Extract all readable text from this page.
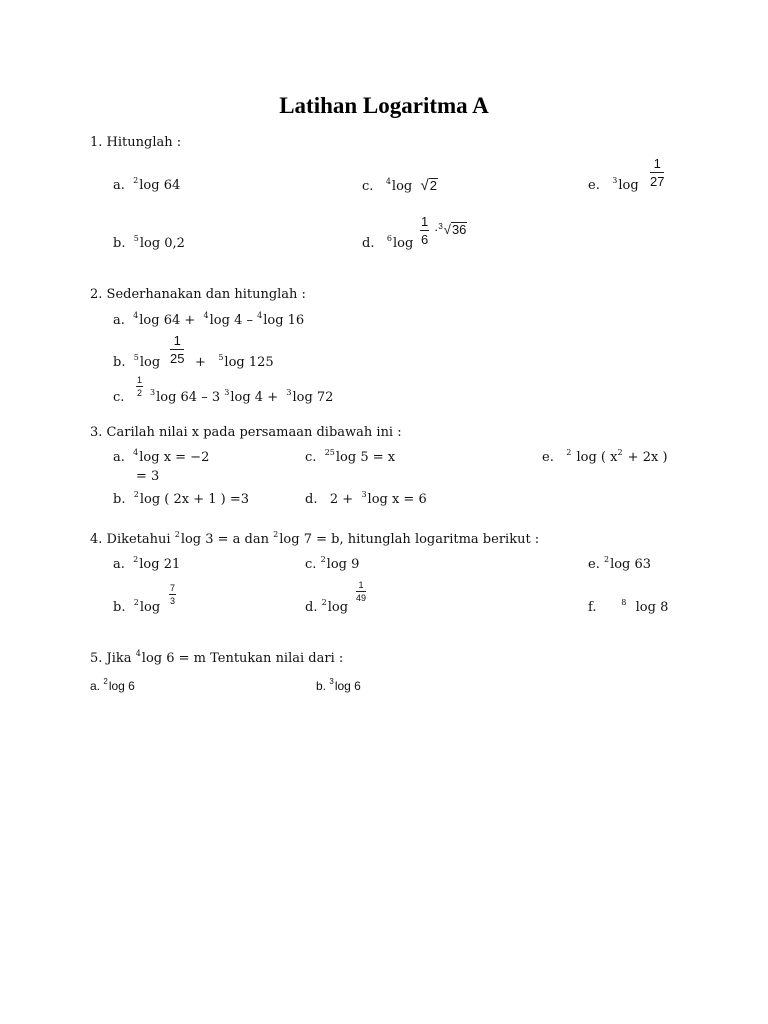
Latihan Logaritma A
1. Hitunglah :
a. $^2$log 64
b. $^5$log 0,2
c. $^4$log √2
d. $^6\log \frac{1}{6} \cdot^3√36$
e. $^3\log \frac{1}{27}$
2. Sederhanakan dan hitunglah :
a. $^4$log 64 + $^4$log 4 – $^4$log 16
b. $^5\log \frac{1}{25} + ^5\log$ 125
c. $\frac{1}{2} ^3\log$ 64 – 3 $^3$log 4 + $^3$log 72
3. Carilah nilai x pada persamaan dibawah ini :
a. $^4$log x = −2	c. $^{25}$log 5 = x	e. $^2$ log ( $x^2 + 2x$ )
= 3
b. $^2$log ( 2x + 1 ) =3	d. 2 + $^3$log x = 6
4. Diketahui $^2$log 3 = a dan $^2$log 7 = b, hitunglah logaritma berikut :
a. $^2$log 21	c. $^2$log 9	e. $^2$log 63
b. $^2$log
$\frac{7}{3}$
d. $^2$log
$\frac{1}{49}$
f.	$^8$ log 8
5. Jika $^4$log 6 = m Tentukan nilai dari :
a. $^2$log 6	b. $^3$log 6
